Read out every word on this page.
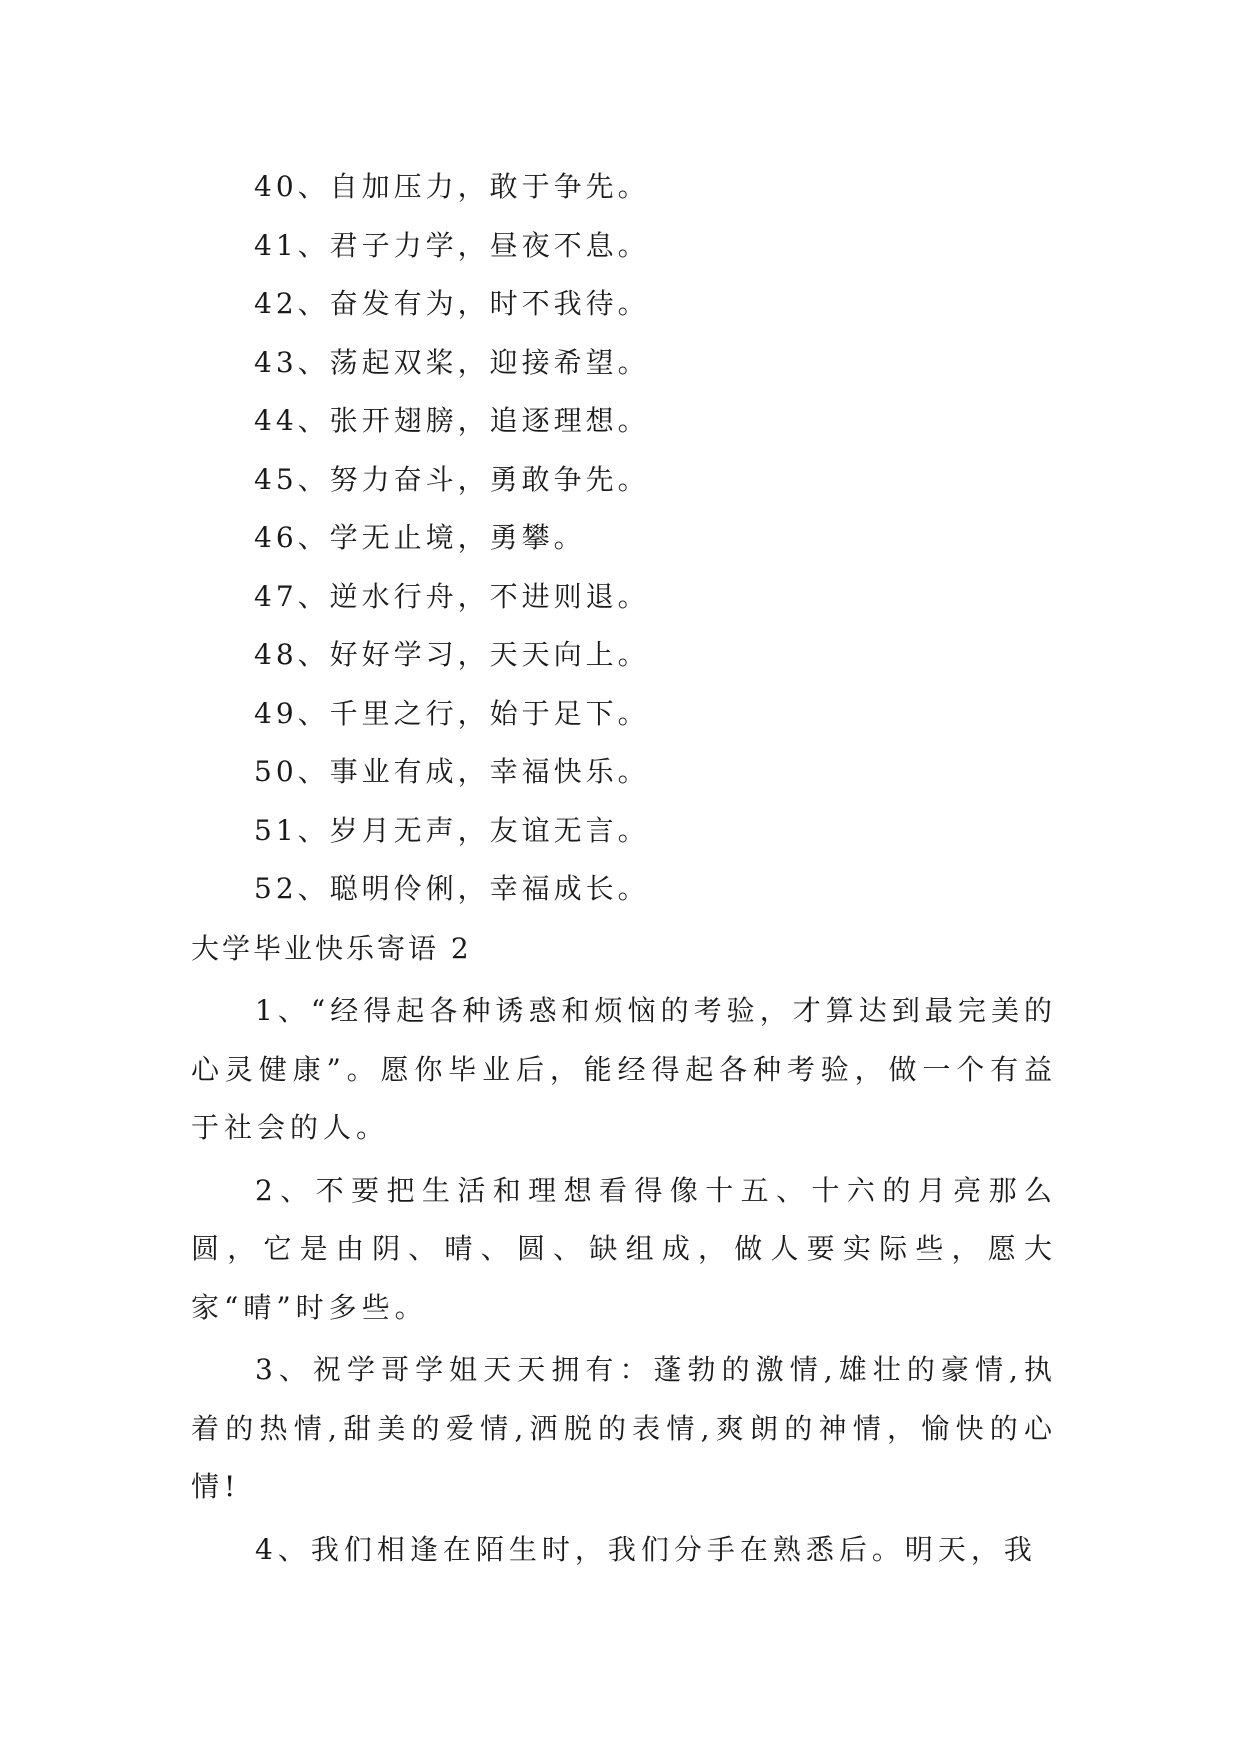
40、自加压力，敢于争先。
41、君子力学，昼夜不息。
42、奋发有为，时不我待。
43、荡起双桨，迎接希望。
44、张开翅膀，追逐理想。
45、努力奋斗，勇敢争先。
46、学无止境，勇攀。
47、逆水行舟，不进则退。
48、好好学习，天天向上。
49、千里之行，始于足下。
50、事业有成，幸福快乐。
51、岁月无声，友谊无言。
52、聪明伶俐，幸福成长。
大学毕业快乐寄语 2

1、“经得起各种诱惑和烦恼的考验，才算达到最完美的心灵健康”。愿你毕业后，能经得起各种考验，做一个有益于社会的人。

2、不要把生活和理想看得像十五、十六的月亮那么圆，它是由阴、晴、圆、缺组成，做人要实际些，愿大家“晴”时多些。

3、祝学哥学姐天天拥有：蓬勃的激情,雄壮的豪情,执着的热情,甜美的爱情,洒脱的表情,爽朗的神情，愉快的心情!

4、我们相逢在陌生时，我们分手在熟悉后。明天，我
